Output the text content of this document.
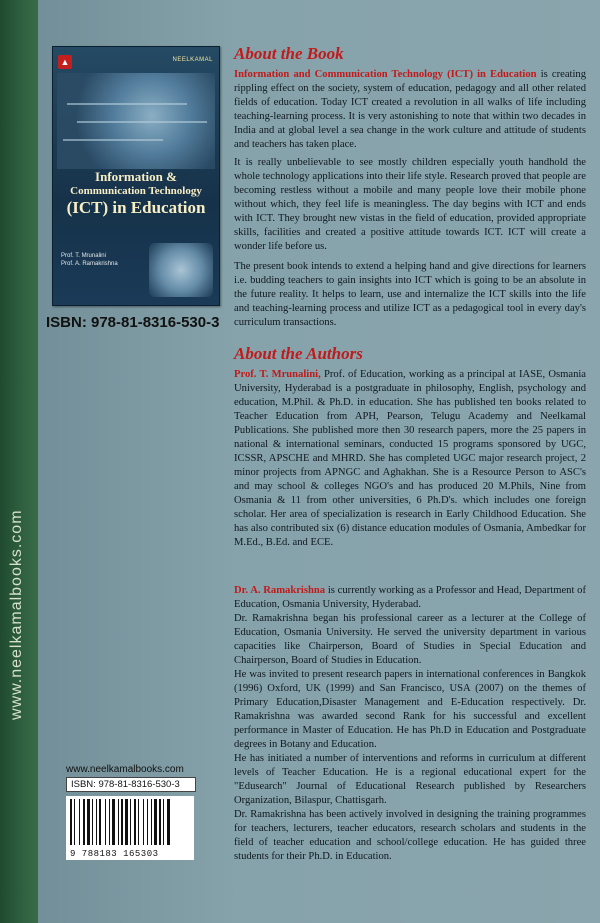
www.neelkamalbooks.com
▲	NEELKAMAL
Information &
Communication Technology
(ICT) in Education
Prof. T. Mrunalini
Prof. A. Ramakrishna
ISBN: 978-81-8316-530-3
About the Book
Information and Communication Technology (ICT) in Education is creating rippling effect on the society, system of education, pedagogy and all other related fields of education. Today ICT created a revolution in all walks of life including teaching-learning process. It is very astonishing to note that within two decades in India and at global level a sea change in the work culture and attitude of students and teachers has taken place.
It is really unbelievable to see mostly children especially youth handhold the whole technology applications into their life style. Research proved that people are becoming restless without a mobile and many people love their mobile phone without which, they feel life is meaningless. The day begins with ICT and ends with ICT. They brought new vistas in the field of education, provided appropriate skills, facilities and created a positive attitude towards ICT. ICT will create a wonder life before us.
The present book intends to extend a helping hand and give directions for learners i.e. budding teachers to gain insights into ICT which is going to be an absolute in the future reality. It helps to learn, use and internalize the ICT skills into the life and teaching-learning process and utilize ICT as a pedagogical tool in every day's curriculum transactions.
About the Authors
Prof. T. Mrunalini, Prof. of Education, working as a principal at IASE, Osmania University, Hyderabad is a postgraduate in philosophy, English, psychology and education, M.Phil. & Ph.D. in education. She has published ten books related to Teacher Education from APH, Pearson, Telugu Academy and Neelkamal Publications. She published more then 30 research papers, more the 25 papers in national & international seminars, conducted 15 programs sponsored by UGC, ICSSR, APSCHE and MHRD. She has completed UGC major research project, 2 minor projects from APNGC and Aghakhan. She is a Resource Person to ASC's and may school & colleges NGO's and has produced 20 M.Phils, Nine from Osmania & 11 from other universities, 6 Ph.D's. which includes one foreign scholar. Her area of specialization is research in Early Childhood Education. She has also contributed six (6) distance education modules of Osmania, Ambedkar for M.Ed., B.Ed. and ECE.
Dr. A. Ramakrishna is currently working as a Professor and Head, Department of Education, Osmania University, Hyderabad.
Dr. Ramakrishna began his professional career as a lecturer at the College of Education, Osmania University. He served the university department in various capacities like Chairperson, Board of Studies in Special Education and Chairperson, Board of Studies in Education.
He was invited to present research papers in international conferences in Bangkok (1996) Oxford, UK (1999) and San Francisco, USA (2007) on the themes of Primary Education,Disaster Management and E-Education respectively. Dr. Ramakrishna was awarded second Rank for his successful and excellent performance in Master of Education. He has Ph.D in Education and Postgraduate degrees in Botany and Education.
He has initiated a number of interventions and reforms in curriculum at different levels of Teacher Education. He is a regional educational expert for the "Edusearch" Journal of Educational Research published by Researchers Organization, Bilaspur, Chattisgarh.
Dr. Ramakrishna has been actively involved in designing the training programmes for teachers, lecturers, teacher educators, research scholars and students in the field of teacher education and school/college education. He has guided three students for their Ph.D. in Education.
www.neelkamalbooks.com
ISBN: 978-81-8316-530-3
9 788183 165303
